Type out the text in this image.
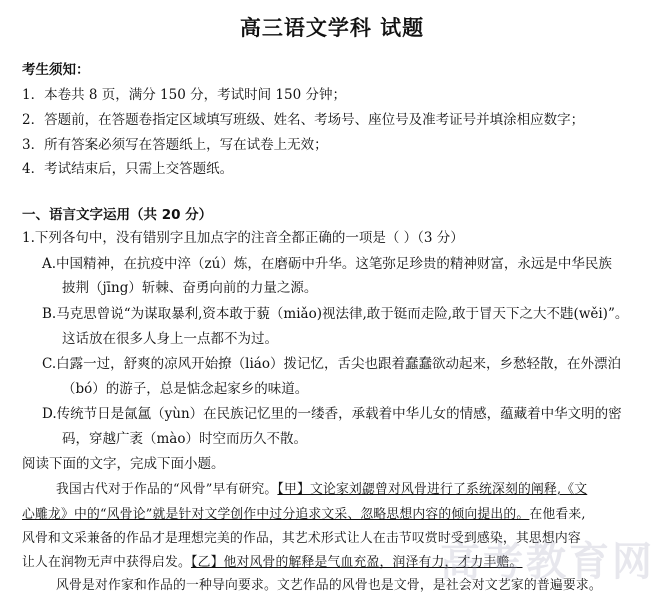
高三语文学科 试题
考生须知：
1．本卷共 8 页，满分 150 分，考试时间 150 分钟；
2．答题前，在答题卷指定区域填写班级、姓名、考场号、座位号及准考证号并填涂相应数字；
3．所有答案必须写在答题纸上，写在试卷上无效；
4．考试结束后，只需上交答题纸。
一、语言文字运用（共 20 分）
1.下列各句中，没有错别字且加点字的注音全都正确的一项是（ ）（3 分）
A.中国精神，在抗疫中淬（zú）炼，在磨砺中升华。这笔弥足珍贵的精神财富，永远是中华民族
披荆（jīng）斩棘、奋勇向前的力量之源。
B.马克思曾说“为谋取暴利,资本敢于藐（miǎo)视法律,敢于铤而走险,敢于冒天下之大不韪(wěi)”。
这话放在很多人身上一点都不为过。
C.白露一过，舒爽的凉风开始撩（liáo）拨记忆，舌尖也跟着蠢蠢欲动起来，乡愁轻散，在外漂泊
（bó）的游子，总是惦念起家乡的味道。
D.传统节日是氤氲（yùn）在民族记忆里的一缕香，承载着中华儿女的情感，蕴藏着中华文明的密
码，穿越广袤（mào）时空而历久不散。
阅读下面的文字，完成下面小题。
我国古代对于作品的“风骨”早有研究。【甲】文论家刘勰曾对风骨进行了系统深刻的阐释,《文
心雕龙》中的“风骨论”就是针对文学创作中过分追求文采、忽略思想内容的倾向提出的。在他看来,
风骨和文采兼备的作品才是理想完美的作品，其艺术形式让人在击节叹赏时受到感染，其思想内容
让人在润物无声中获得启发。【乙】他对风骨的解释是气血充盈，润泽有力，才力丰赡。
风骨是对作家和作品的一种导向要求。文艺作品的风骨也是文骨，是社会对文艺家的普遍要求。
高考教育网
